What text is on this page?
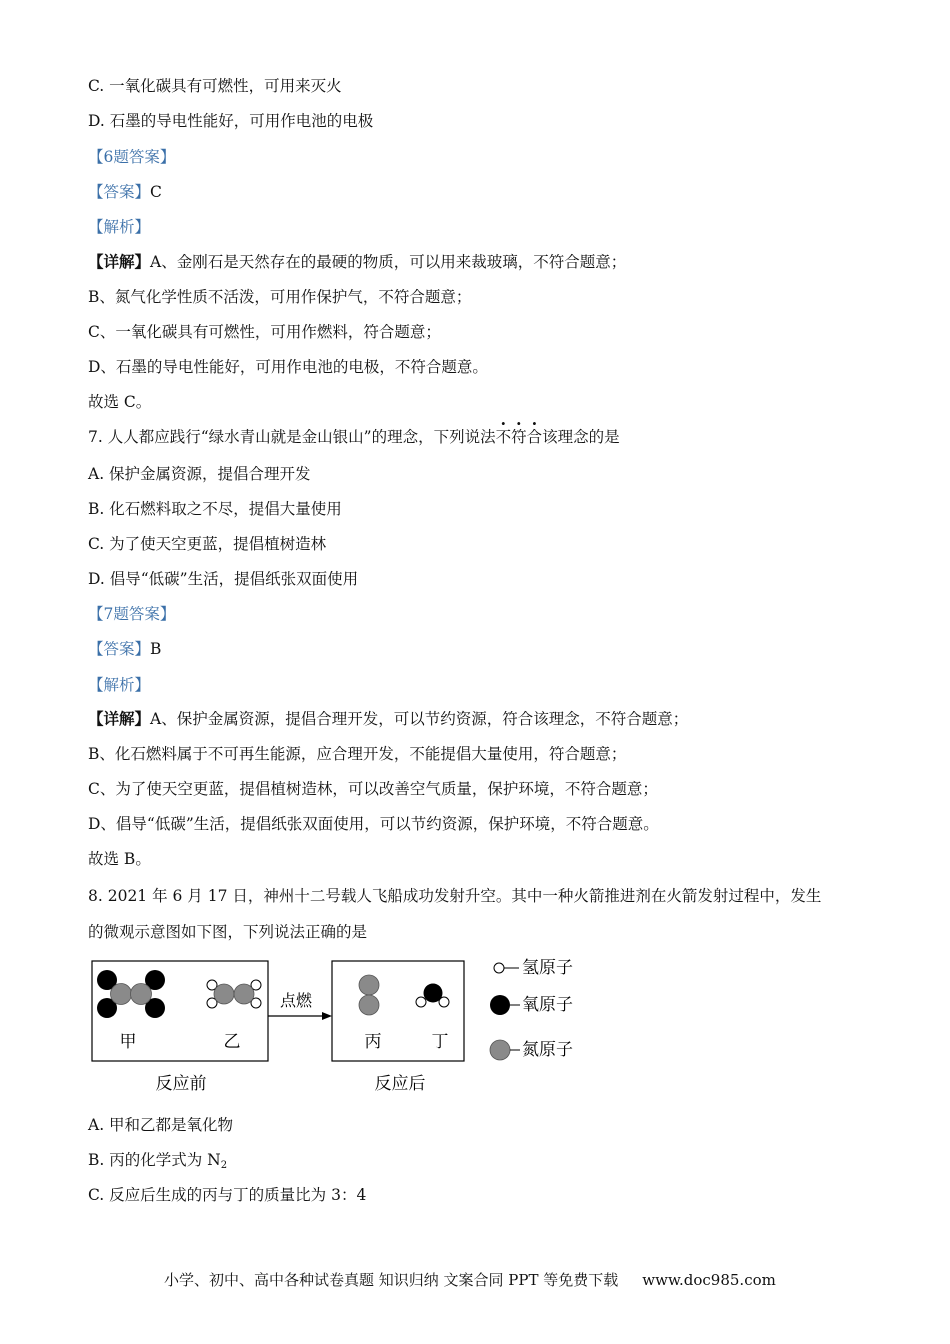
C. 一氧化碳具有可燃性，可用来灭火
D. 石墨的导电性能好，可用作电池的电极
【6题答案】
【答案】C
【解析】
【详解】A、金刚石是天然存在的最硬的物质，可以用来裁玻璃，不符合题意；
B、氮气化学性质不活泼，可用作保护气，不符合题意；
C、一氧化碳具有可燃性，可用作燃料，符合题意；
D、石墨的导电性能好，可用作电池的电极，不符合题意。
故选 C。
7. 人人都应践行“绿水青山就是金山银山”的理念，下列说法不符合该理念的是
A. 保护金属资源，提倡合理开发
B. 化石燃料取之不尽，提倡大量使用
C. 为了使天空更蓝，提倡植树造林
D. 倡导“低碳”生活，提倡纸张双面使用
【7题答案】
【答案】B
【解析】
【详解】A、保护金属资源，提倡合理开发，可以节约资源，符合该理念，不符合题意；
B、化石燃料属于不可再生能源，应合理开发，不能提倡大量使用，符合题意；
C、为了使天空更蓝，提倡植树造林，可以改善空气质量，保护环境，不符合题意；
D、倡导“低碳”生活，提倡纸张双面使用，可以节约资源，保护环境，不符合题意。
故选 B。
8. 2021 年 6 月 17 日，神州十二号载人飞船成功发射升空。其中一种火箭推进剂在火箭发射过程中，发生
的微观示意图如下图，下列说法正确的是
点燃
甲	乙	丙	丁
反应前	反应后
氢原子
氧原子
氮原子
A. 甲和乙都是氧化物
B. 丙的化学式为 $N_2$
C. 反应后生成的丙与丁的质量比为 3：4
小学、初中、高中各种试卷真题 知识归纳 文案合同 PPT 等免费下载 www.doc985.com
